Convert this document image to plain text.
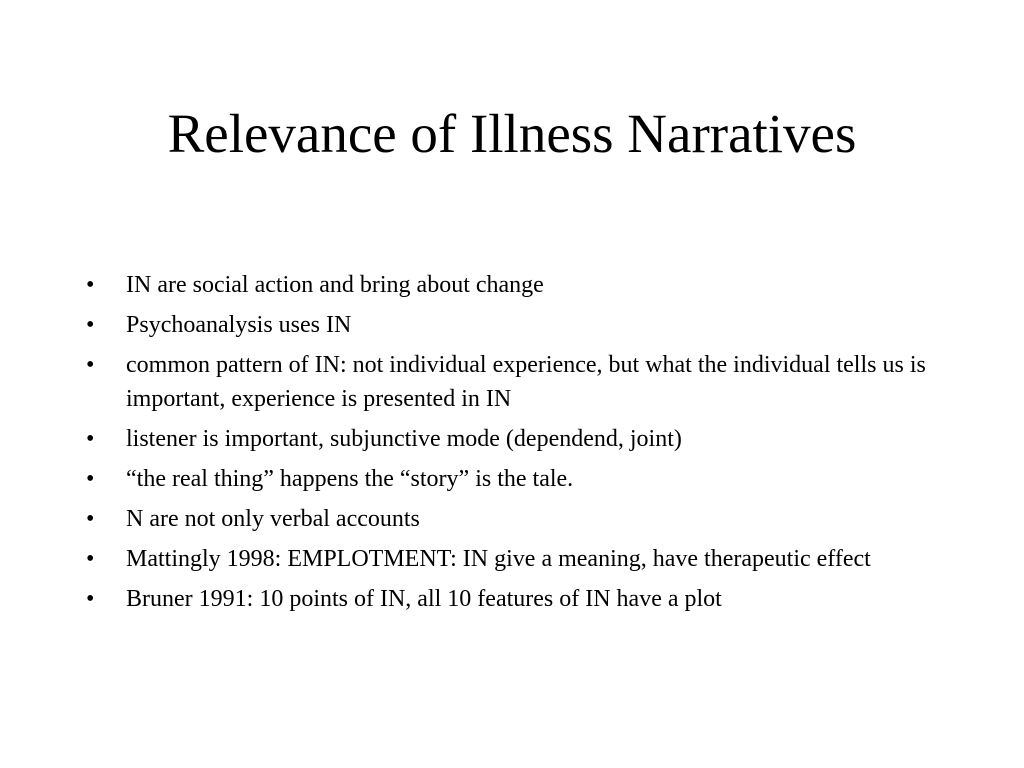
Relevance of Illness Narratives
•	IN are social action and bring about change
•	Psychoanalysis uses IN
•	common pattern of IN: not individual experience, but what the individual tells us is important, experience is presented in IN
•	listener is important, subjunctive mode (dependend, joint)
•	“the real thing” happens the “story” is the tale.
•	N are not only verbal accounts
•	Mattingly 1998: EMPLOTMENT: IN give a meaning, have therapeutic effect
•	Bruner 1991: 10 points of IN, all 10 features of IN have a plot
